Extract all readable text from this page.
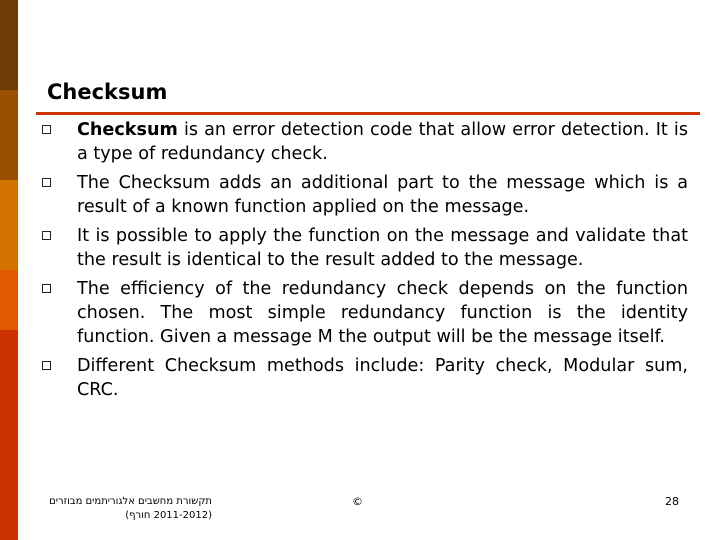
Checksum
Checksum is an error detection code that allow error detection. It is a type of redundancy check.
The Checksum adds an additional part to the message which is a result of a known function applied on the message.
It is possible to apply the function on the message and validate that the result is identical to the result added to the message.
The efficiency of the redundancy check depends on the function chosen. The most simple redundancy function is the identity function. Given a message M the output will be the message itself.
Different Checksum methods include: Parity check, Modular sum, CRC.
תקשורת מחשבים אלגוריתמים מבוזרים
(2011-2012 חורף)
©	28
